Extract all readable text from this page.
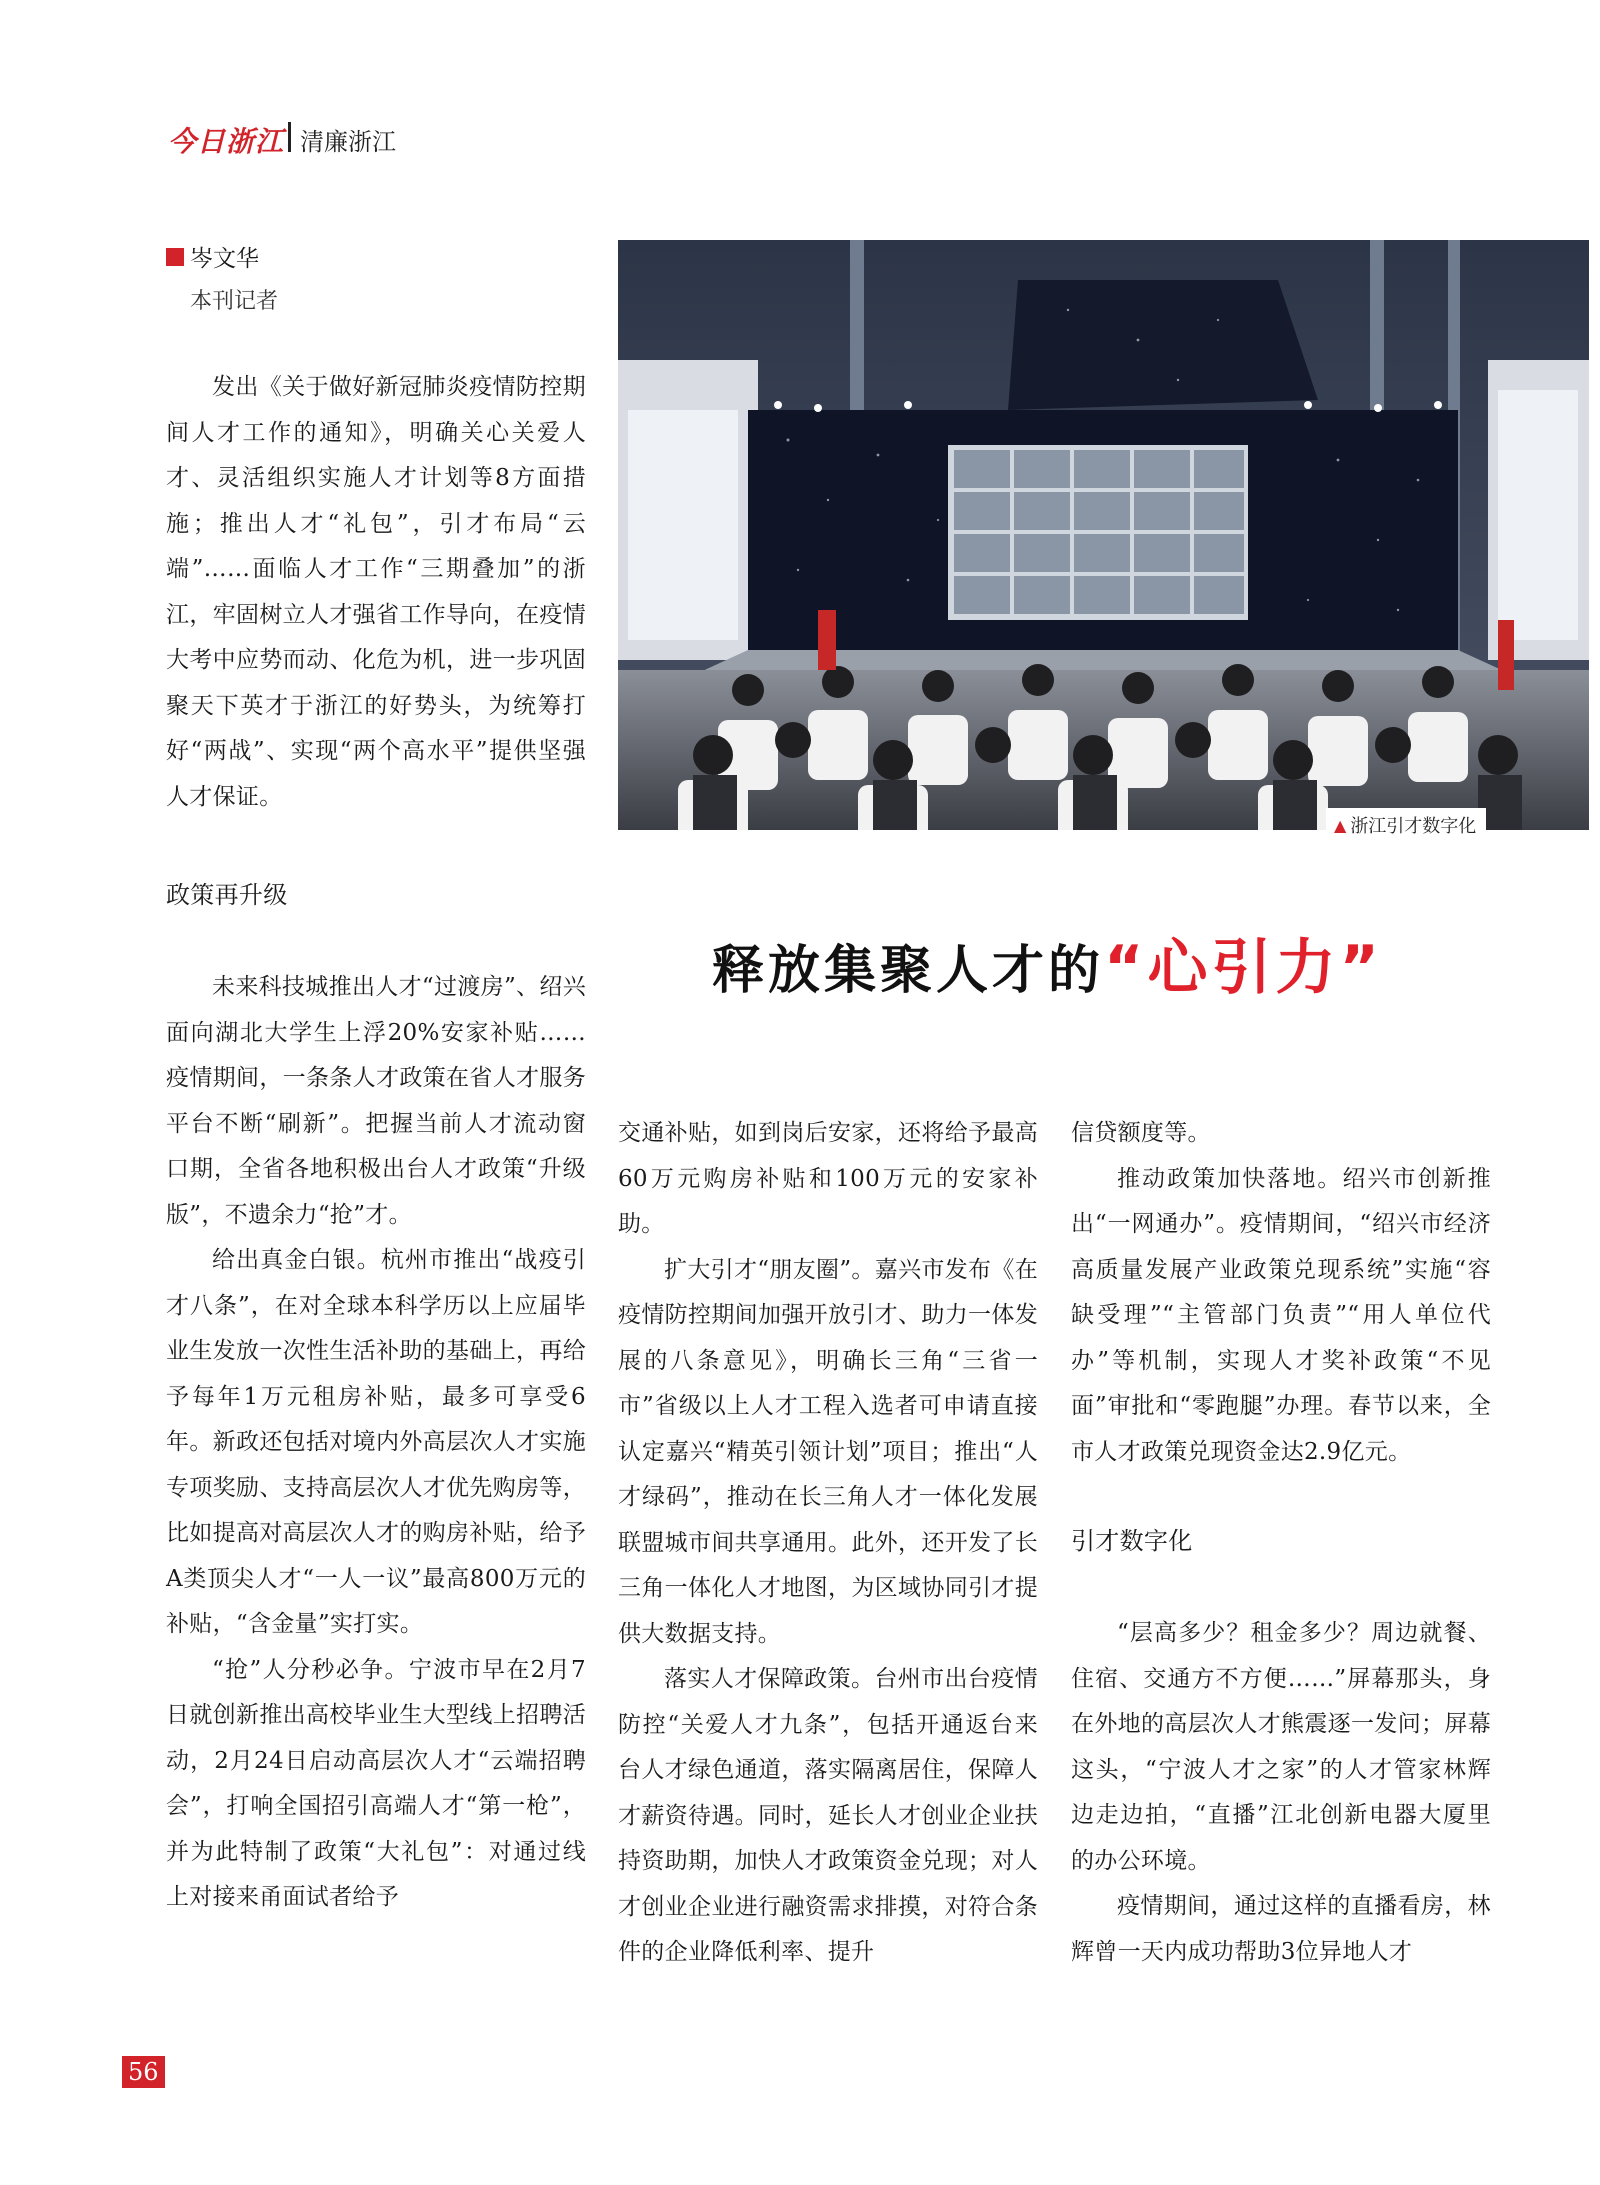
今日浙江 清廉浙江
岑文华
本刊记者

发出《关于做好新冠肺炎疫情防控期间人才工作的通知》，明确关心关爱人才、灵活组织实施人才计划等8方面措施；推出人才“礼包”，引才布局“云端”……面临人才工作“三期叠加”的浙江，牢固树立人才强省工作导向，在疫情大考中应势而动、化危为机，进一步巩固聚天下英才于浙江的好势头，为统筹打好“两战”、实现“两个高水平”提供坚强人才保证。

政策再升级

未来科技城推出人才“过渡房”、绍兴面向湖北大学生上浮20%安家补贴……疫情期间，一条条人才政策在省人才服务平台不断“刷新”。把握当前人才流动窗口期，全省各地积极出台人才政策“升级版”，不遗余力“抢”才。

给出真金白银。杭州市推出“战疫引才八条”，在对全球本科学历以上应届毕业生发放一次性生活补助的基础上，再给予每年1万元租房补贴，最多可享受6年。新政还包括对境内外高层次人才实施专项奖励、支持高层次人才优先购房等，比如提高对高层次人才的购房补贴，给予A类顶尖人才“一人一议”最高800万元的补贴，“含金量”实打实。

“抢”人分秒必争。宁波市早在2月7日就创新推出高校毕业生大型线上招聘活动，2月24日启动高层次人才“云端招聘会”，打响全国招引高端人才“第一枪”，并为此特制了政策“大礼包”：对通过线上对接来甬面试者给予

▲ 浙江引才数字化
释放集聚人才的“心引力”

交通补贴，如到岗后安家，还将给予最高60万元购房补贴和100万元的安家补助。

扩大引才“朋友圈”。嘉兴市发布《在疫情防控期间加强开放引才、助力一体发展的八条意见》，明确长三角“三省一市”省级以上人才工程入选者可申请直接认定嘉兴“精英引领计划”项目；推出“人才绿码”，推动在长三角人才一体化发展联盟城市间共享通用。此外，还开发了长三角一体化人才地图，为区域协同引才提供大数据支持。

落实人才保障政策。台州市出台疫情防控“关爱人才九条”，包括开通返台来台人才绿色通道，落实隔离居住，保障人才薪资待遇。同时，延长人才创业企业扶持资助期，加快人才政策资金兑现；对人才创业企业进行融资需求排摸，对符合条件的企业降低利率、提升

信贷额度等。

推动政策加快落地。绍兴市创新推出“一网通办”。疫情期间，“绍兴市经济高质量发展产业政策兑现系统”实施“容缺受理”“主管部门负责”“用人单位代办”等机制，实现人才奖补政策“不见面”审批和“零跑腿”办理。春节以来，全市人才政策兑现资金达2.9亿元。

引才数字化

“层高多少？租金多少？周边就餐、住宿、交通方不方便……”屏幕那头，身在外地的高层次人才熊震逐一发问；屏幕这头，“宁波人才之家”的人才管家林辉边走边拍，“直播”江北创新电器大厦里的办公环境。

疫情期间，通过这样的直播看房，林辉曾一天内成功帮助3位异地人才

56
